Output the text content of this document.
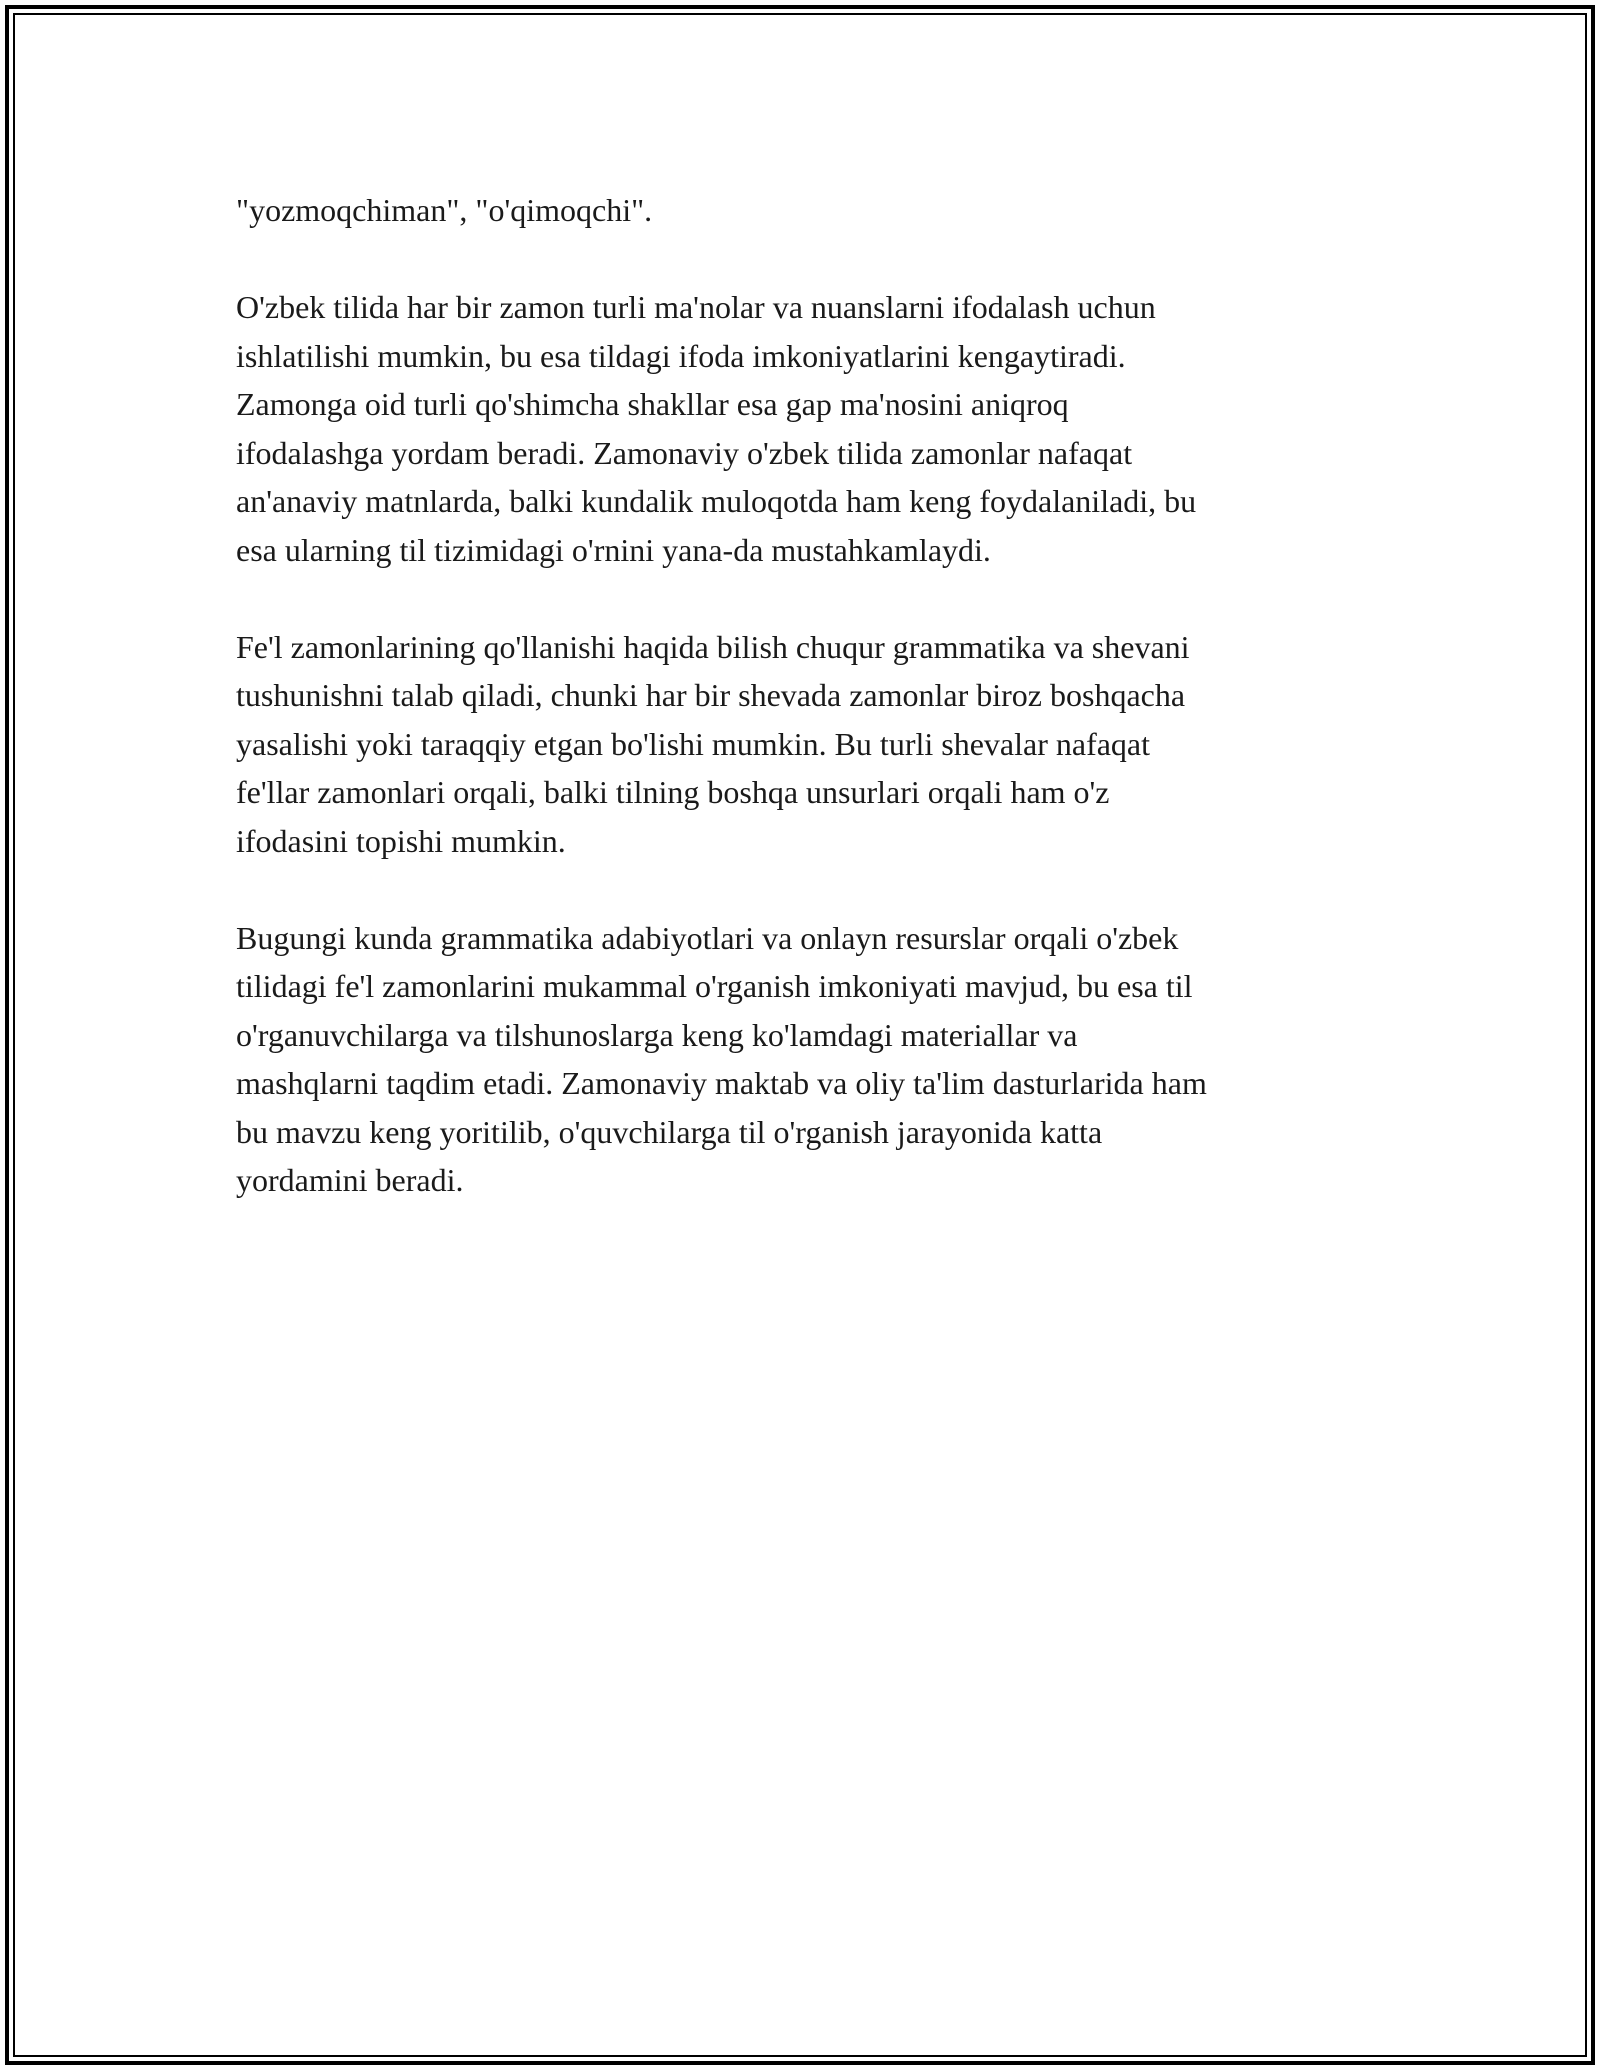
"yozmoqchiman", "o'qimoqchi".

O'zbek tilida har bir zamon turli ma'nolar va nuanslarni ifodalash uchun
ishlatilishi mumkin, bu esa tildagi ifoda imkoniyatlarini kengaytiradi.
Zamonga oid turli qo'shimcha shakllar esa gap ma'nosini aniqroq
ifodalashga yordam beradi. Zamonaviy o'zbek tilida zamonlar nafaqat
an'anaviy matnlarda, balki kundalik muloqotda ham keng foydalaniladi, bu
esa ularning til tizimidagi o'rnini yana-da mustahkamlaydi.

Fe'l zamonlarining qo'llanishi haqida bilish chuqur grammatika va shevani
tushunishni talab qiladi, chunki har bir shevada zamonlar biroz boshqacha
yasalishi yoki taraqqiy etgan bo'lishi mumkin. Bu turli shevalar nafaqat
fe'llar zamonlari orqali, balki tilning boshqa unsurlari orqali ham o'z
ifodasini topishi mumkin.

Bugungi kunda grammatika adabiyotlari va onlayn resurslar orqali o'zbek
tilidagi fe'l zamonlarini mukammal o'rganish imkoniyati mavjud, bu esa til
o'rganuvchilarga va tilshunoslarga keng ko'lamdagi materiallar va
mashqlarni taqdim etadi. Zamonaviy maktab va oliy ta'lim dasturlarida ham
bu mavzu keng yoritilib, o'quvchilarga til o'rganish jarayonida katta
yordamini beradi.
